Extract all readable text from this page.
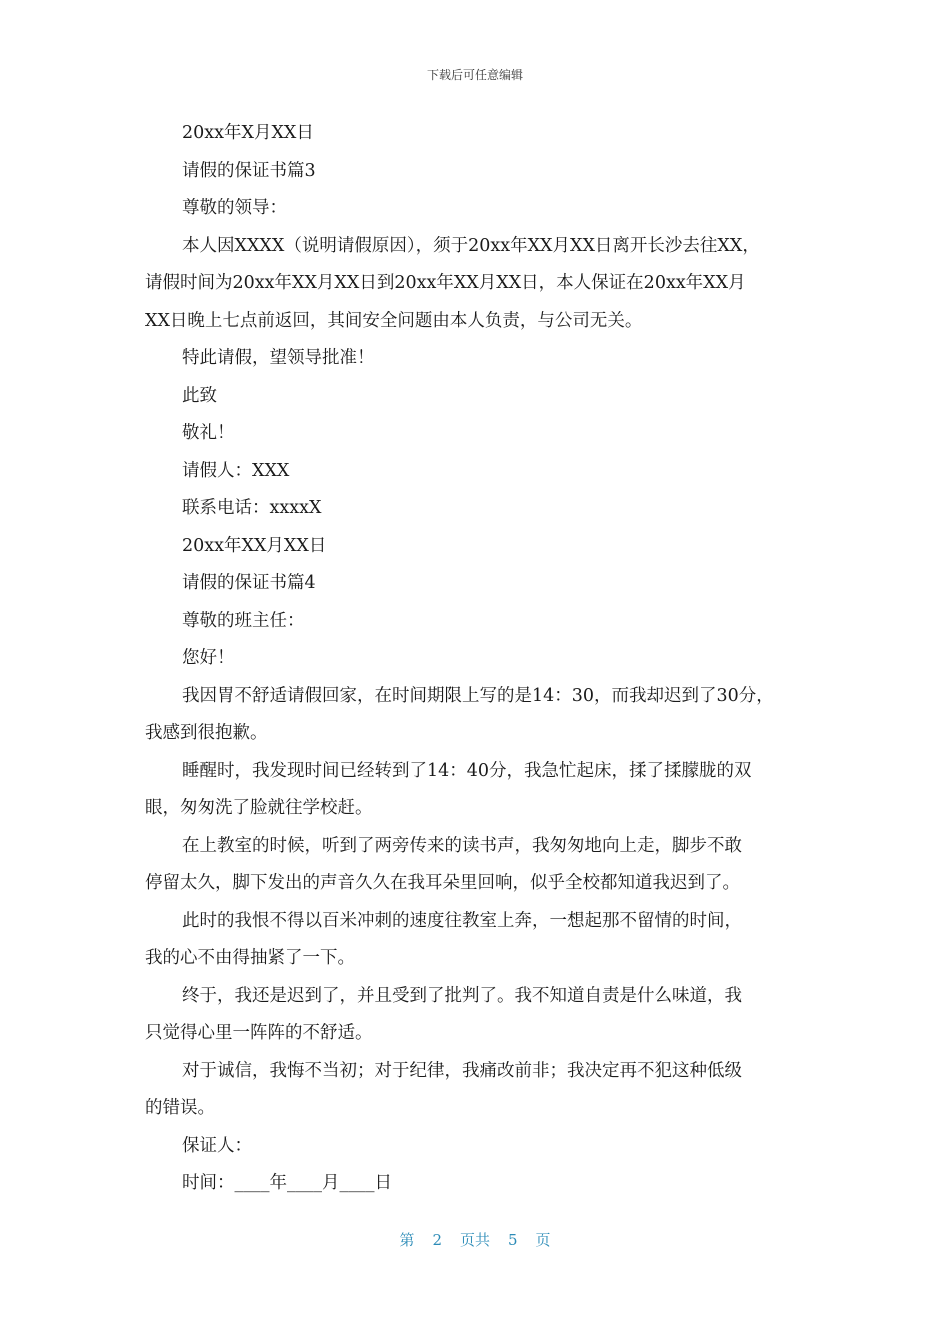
下载后可任意编辑
20xx年X月XX日
请假的保证书篇3
尊敬的领导：
本人因XXXX（说明请假原因），须于20xx年XX月XX日离开长沙去往XX，
请假时间为20xx年XX月XX日到20xx年XX月XX日，本人保证在20xx年XX月
XX日晚上七点前返回，其间安全问题由本人负责，与公司无关。
特此请假，望领导批准！
此致
敬礼！
请假人：XXX
联系电话：xxxxX
20xx年XX月XX日
请假的保证书篇4
尊敬的班主任：
您好！
我因胃不舒适请假回家，在时间期限上写的是14：30，而我却迟到了30分，
我感到很抱歉。
睡醒时，我发现时间已经转到了14：40分，我急忙起床，揉了揉朦胧的双
眼，匆匆洗了脸就往学校赶。
在上教室的时候，听到了两旁传来的读书声，我匆匆地向上走，脚步不敢
停留太久，脚下发出的声音久久在我耳朵里回响，似乎全校都知道我迟到了。
此时的我恨不得以百米冲刺的速度往教室上奔，一想起那不留情的时间，
我的心不由得抽紧了一下。
终于，我还是迟到了，并且受到了批判了。我不知道自责是什么味道，我
只觉得心里一阵阵的不舒适。
对于诚信，我悔不当初；对于纪律，我痛改前非；我决定再不犯这种低级
的错误。
保证人：
时间：____年____月____日
第 2 页共 5 页
